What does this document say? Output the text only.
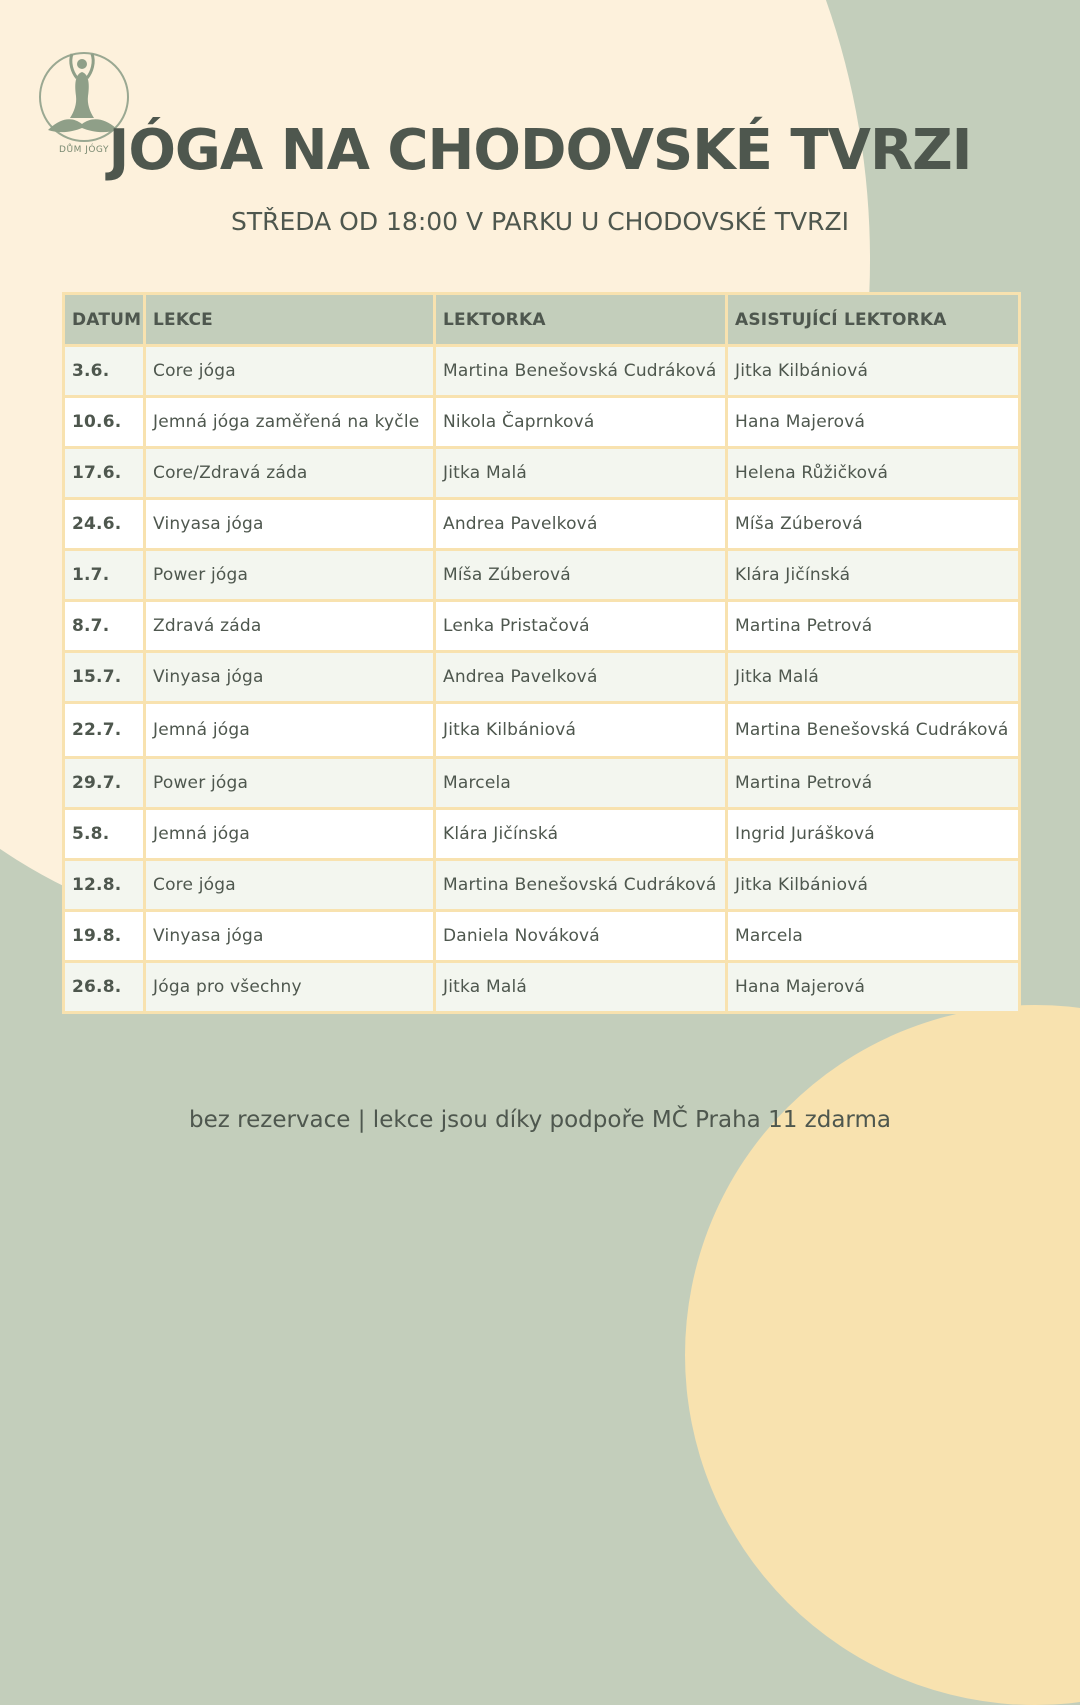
DŮM JÓGY JÓGA NA CHODOVSKÉ TVRZI
STŘEDA OD 18:00 V PARKU U CHODOVSKÉ TVRZI
DATUM	LEKCE	LEKTORKA	ASISTUJÍCÍ LEKTORKA
3.6.	Core jóga	Martina Benešovská Cudráková	Jitka Kilbániová
10.6.	Jemná jóga zaměřená na kyčle	Nikola Čaprnková	Hana Majerová
17.6.	Core/Zdravá záda	Jitka Malá	Helena Růžičková
24.6.	Vinyasa jóga	Andrea Pavelková	Míša Zúberová
1.7.	Power jóga	Míša Zúberová	Klára Jičínská
8.7.	Zdravá záda	Lenka Pristačová	Martina Petrová
15.7.	Vinyasa jóga	Andrea Pavelková	Jitka Malá
22.7.	Jemná jóga	Jitka Kilbániová	Martina Benešovská Cudráková
29.7.	Power jóga	Marcela	Martina Petrová
5.8.	Jemná jóga	Klára Jičínská	Ingrid Jurášková
12.8.	Core jóga	Martina Benešovská Cudráková	Jitka Kilbániová
19.8.	Vinyasa jóga	Daniela Nováková	Marcela
26.8.	Jóga pro všechny	Jitka Malá	Hana Majerová
bez rezervace | lekce jsou díky podpoře MČ Praha 11 zdarma
